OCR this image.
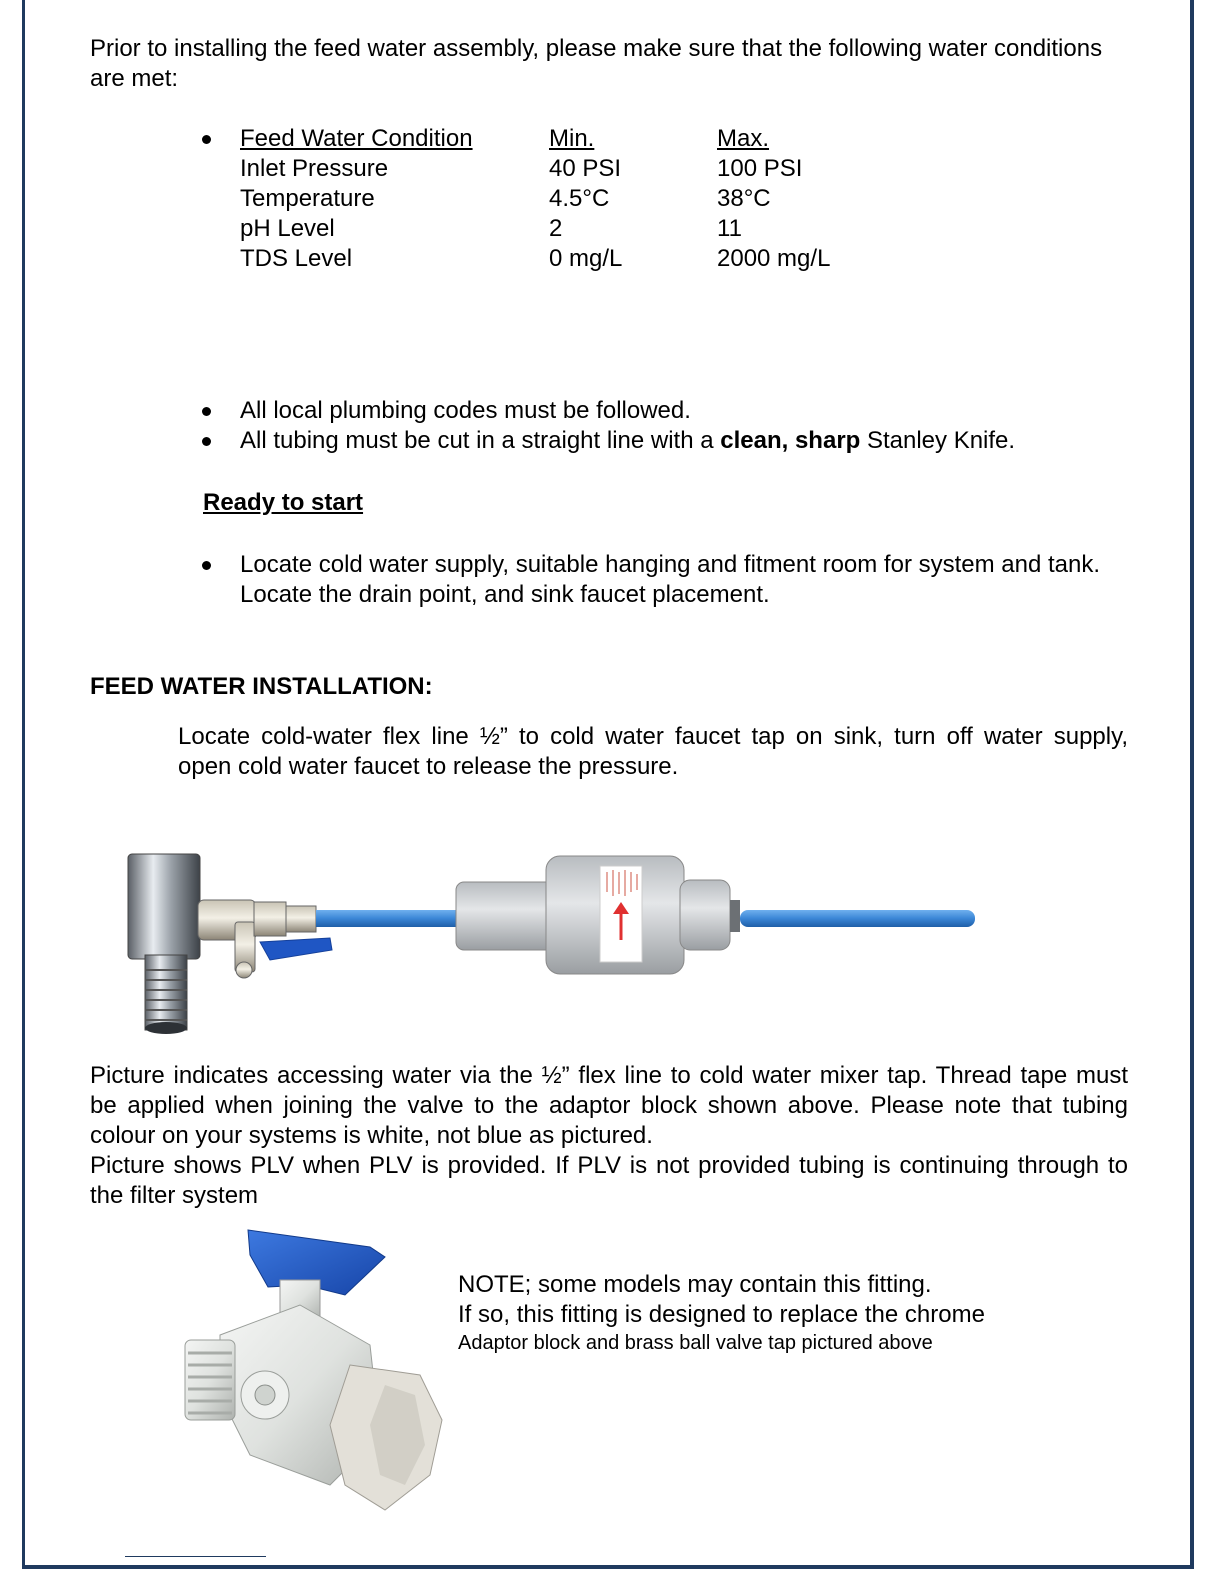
Prior to installing the feed water assembly, please make sure that the following water conditions are met:
Feed Water Condition
Inlet Pressure
Temperature
pH Level
TDS Level
Min.
40 PSI
4.5°C
2
0 mg/L
Max.
100 PSI
38°C
11
2000 mg/L
All local plumbing codes must be followed.
All tubing must be cut in a straight line with a clean, sharp Stanley Knife.
Ready to start
Locate cold water supply, suitable hanging and fitment room for system and tank.
Locate the drain point, and sink faucet placement.
FEED WATER INSTALLATION:
Locate cold-water flex line ½” to cold water faucet tap on sink, turn off water supply,
open cold water faucet to release the pressure.
Picture indicates accessing water via the ½” flex line to cold water mixer tap. Thread tape must
be applied when joining the valve to the adaptor block shown above. Please note that tubing
colour on your systems is white, not blue as pictured.
Picture shows PLV when PLV is provided. If PLV is not provided tubing is continuing through to
the filter system
NOTE; some models may contain this fitting.
If so, this fitting is designed to replace the chrome
Adaptor block and brass ball valve tap pictured above
